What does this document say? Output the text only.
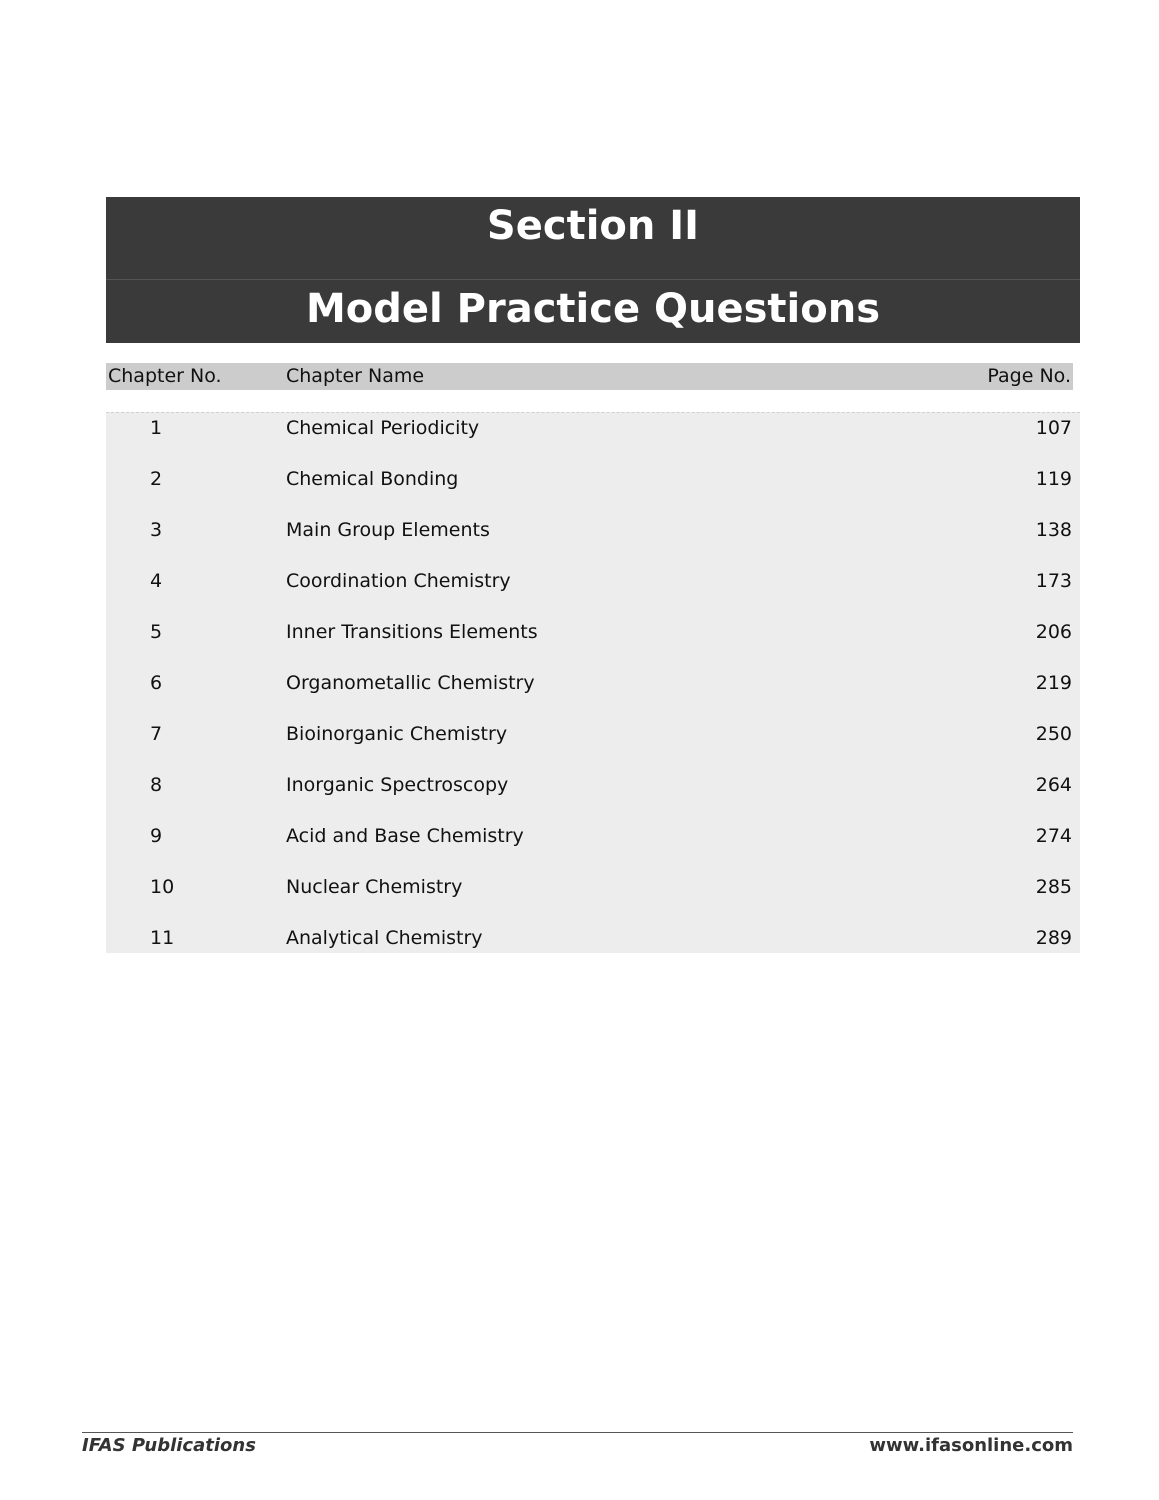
Section II
Model Practice Questions
Chapter No.	Chapter Name	Page No.
1	Chemical Periodicity	107
2	Chemical Bonding	119
3	Main Group Elements	138
4	Coordination Chemistry	173
5	Inner Transitions Elements	206
6	Organometallic Chemistry	219
7	Bioinorganic Chemistry	250
8	Inorganic Spectroscopy	264
9	Acid and Base Chemistry	274
10	Nuclear Chemistry	285
11	Analytical Chemistry	289
IFAS Publications	www.ifasonline.com
